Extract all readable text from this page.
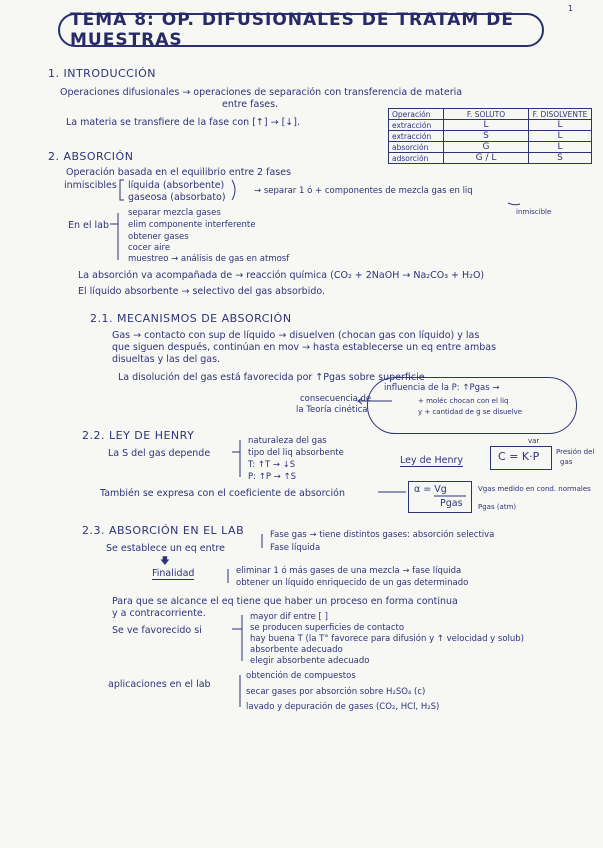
1
TEMA 8: OP. DIFUSIONALES DE TRATAM DE MUESTRAS
1. INTRODUCCIÓN
Operaciones difusionales → operaciones de separación con transferencia de materia
entre fases.
La materia se transfiere de la fase con [↑] → [↓].
Operación	F. SOLUTO	F. DISOLVENTE
extracción	L	L
extracción	S	L
absorción	G	L
adsorción	G / L	S
2. ABSORCIÓN
Operación basada en el equilibrio entre 2 fases
inmiscibles líquida (absorbente)
gaseosa (absorbato)
→ separar 1 ó + componentes de mezcla gas en liq
inmiscible
En el lab
separar mezcla gases
elim componente interferente
obtener gases
cocer aire
muestreo → análisis de gas en atmosf
La absorción va acompañada de → reacción química (CO₂ + 2NaOH → Na₂CO₃ + H₂O)
El líquido absorbente → selectivo del gas absorbido.
2.1. MECANISMOS DE ABSORCIÓN
Gas → contacto con sup de líquido → disuelven (chocan gas con líquido) y las
que siguen después, continúan en mov → hasta establecerse un eq entre ambas
disueltas y las del gas.
La disolución del gas está favorecida por ↑Pgas sobre superficie
consecuencia de
la Teoría cinética
influencia de la P: ↑Pgas →
+ moléc chocan con el liq
y + cantidad de g se disuelve
2.2. LEY DE HENRY
La S del gas depende
naturaleza del gas
tipo del liq absorbente
T: ↑T → ↓S
P: ↑P → ↑S
Ley de Henry	C = K·P Presión del
gas
var
También se expresa con el coeficiente de absorción	α = Vg
Pgas
Vgas medido en cond. normales
Pgas (atm)
2.3. ABSORCIÓN EN EL LAB
Se establece un eq entre
Fase gas → tiene distintos gases: absorción selectiva
Fase líquida
🡇
Finalidad	eliminar 1 ó más gases de una mezcla → fase líquida
obtener un líquido enriquecido de un gas determinado
Para que se alcance el eq tiene que haber un proceso en forma continua
y a contracorriente.
Se ve favorecido si
mayor dif entre [ ]
se producen superficies de contacto
hay buena T (la T° favorece para difusión y ↑ velocidad y solub)
absorbente adecuado
elegir absorbente adecuado
aplicaciones en el lab
obtención de compuestos
secar gases por absorción sobre H₂SO₄ (c)
lavado y depuración de gases (CO₂, HCl, H₂S)
